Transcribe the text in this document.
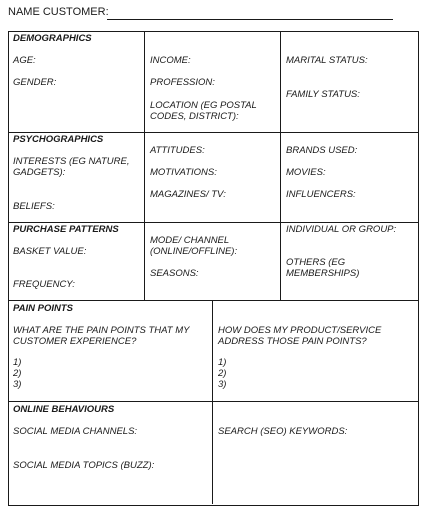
NAME CUSTOMER:
DEMOGRAPHICS
AGE:
GENDER:
INCOME:
PROFESSION:
LOCATION (EG POSTAL
CODES, DISTRICT):
MARITAL STATUS:
FAMILY STATUS:
PSYCHOGRAPHICS
INTERESTS (EG NATURE,
GADGETS):
BELIEFS:
ATTITUDES:
MOTIVATIONS:
MAGAZINES/ TV:
BRANDS USED:
MOVIES:
INFLUENCERS:
PURCHASE PATTERNS
BASKET VALUE:
FREQUENCY:
MODE/ CHANNEL
(ONLINE/OFFLINE):
SEASONS:
INDIVIDUAL OR GROUP:
OTHERS (EG
MEMBERSHIPS)
PAIN POINTS
WHAT ARE THE PAIN POINTS THAT MY
CUSTOMER EXPERIENCE?
1)
2)
3)
HOW DOES MY PRODUCT/SERVICE
ADDRESS THOSE PAIN POINTS?
1)
2)
3)
ONLINE BEHAVIOURS
SOCIAL MEDIA CHANNELS:
SOCIAL MEDIA TOPICS (BUZZ):
SEARCH (SEO) KEYWORDS:
